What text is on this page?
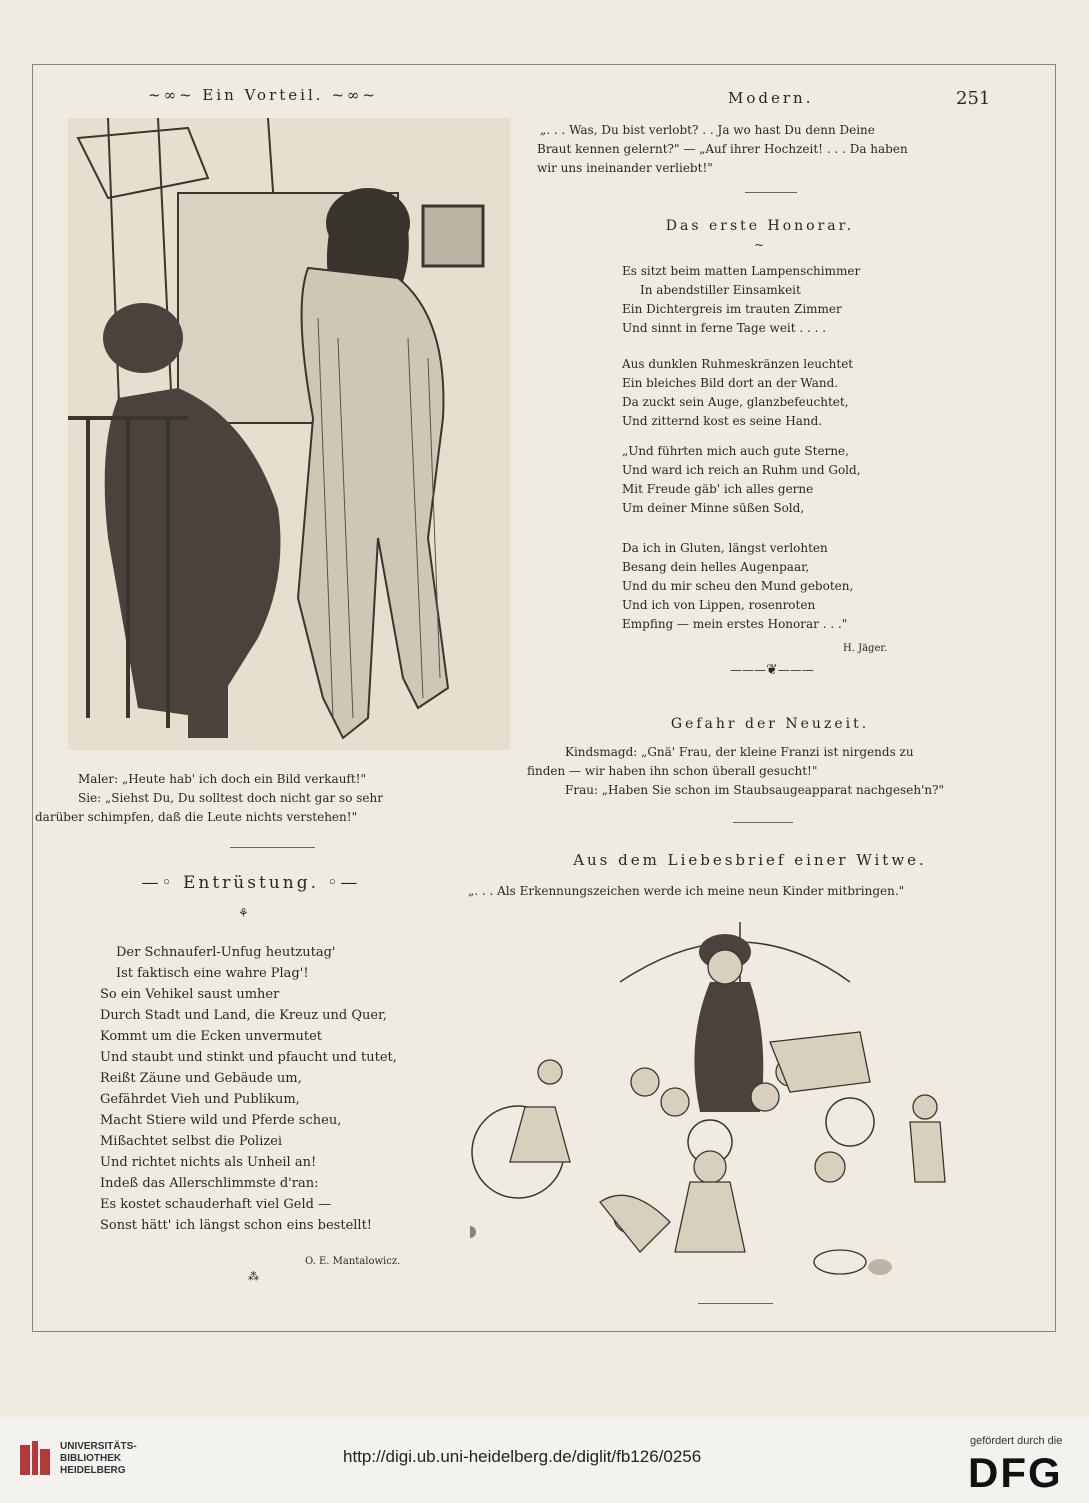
~∞~ Ein Vorteil. ~∞~	Modern.	251
Maler: „Heute hab' ich doch ein Bild verkauft!"
Sie: „Siehst Du, Du solltest doch nicht gar so sehr
darüber schimpfen, daß die Leute nichts verstehen!"
—◦ Entrüstung. ◦—
⚘
Der Schnauferl-Unfug heutzutag'
Ist faktisch eine wahre Plag'!
So ein Vehikel saust umher
Durch Stadt und Land, die Kreuz und Quer,
Kommt um die Ecken unvermutet
Und staubt und stinkt und pfaucht und tutet,
Reißt Zäune und Gebäude um,
Gefährdet Vieh und Publikum,
Macht Stiere wild und Pferde scheu,
Mißachtet selbst die Polizei
Und richtet nichts als Unheil an!
Indeß das Allerschlimmste d'ran:
Es kostet schauderhaft viel Geld —
Sonst hätt' ich längst schon eins bestellt!
O. E. Mantalowicz.
⁂
„. . . Was, Du bist verlobt? . . Ja wo hast Du denn Deine
Braut kennen gelernt?" — „Auf ihrer Hochzeit! . . . Da haben
wir uns ineinander verliebt!"
Das erste Honorar.
~
Es sitzt beim matten Lampenschimmer
In abendstiller Einsamkeit
Ein Dichtergreis im trauten Zimmer
Und sinnt in ferne Tage weit . . . .
Aus dunklen Ruhmeskränzen leuchtet
Ein bleiches Bild dort an der Wand.
Da zuckt sein Auge, glanzbefeuchtet,
Und zitternd kost es seine Hand.
„Und führten mich auch gute Sterne,
Und ward ich reich an Ruhm und Gold,
Mit Freude gäb' ich alles gerne
Um deiner Minne süßen Sold,
Da ich in Gluten, längst verlohten
Besang dein helles Augenpaar,
Und du mir scheu den Mund geboten,
Und ich von Lippen, rosenroten
Empfing — mein erstes Honorar . . ."
H. Jäger.
———❦———
Gefahr der Neuzeit.
Kindsmagd: „Gnä' Frau, der kleine Franzi ist nirgends zu
finden — wir haben ihn schon überall gesucht!"
Frau: „Haben Sie schon im Staubsaugeapparat nachgeseh'n?"
Aus dem Liebesbrief einer Witwe.
„. . . Als Erkennungszeichen werde ich meine neun Kinder mitbringen."
UNIVERSITÄTS-
BIBLIOTHEK
HEIDELBERG
http://digi.ub.uni-heidelberg.de/diglit/fb126/0256
gefördert durch die
DFG
